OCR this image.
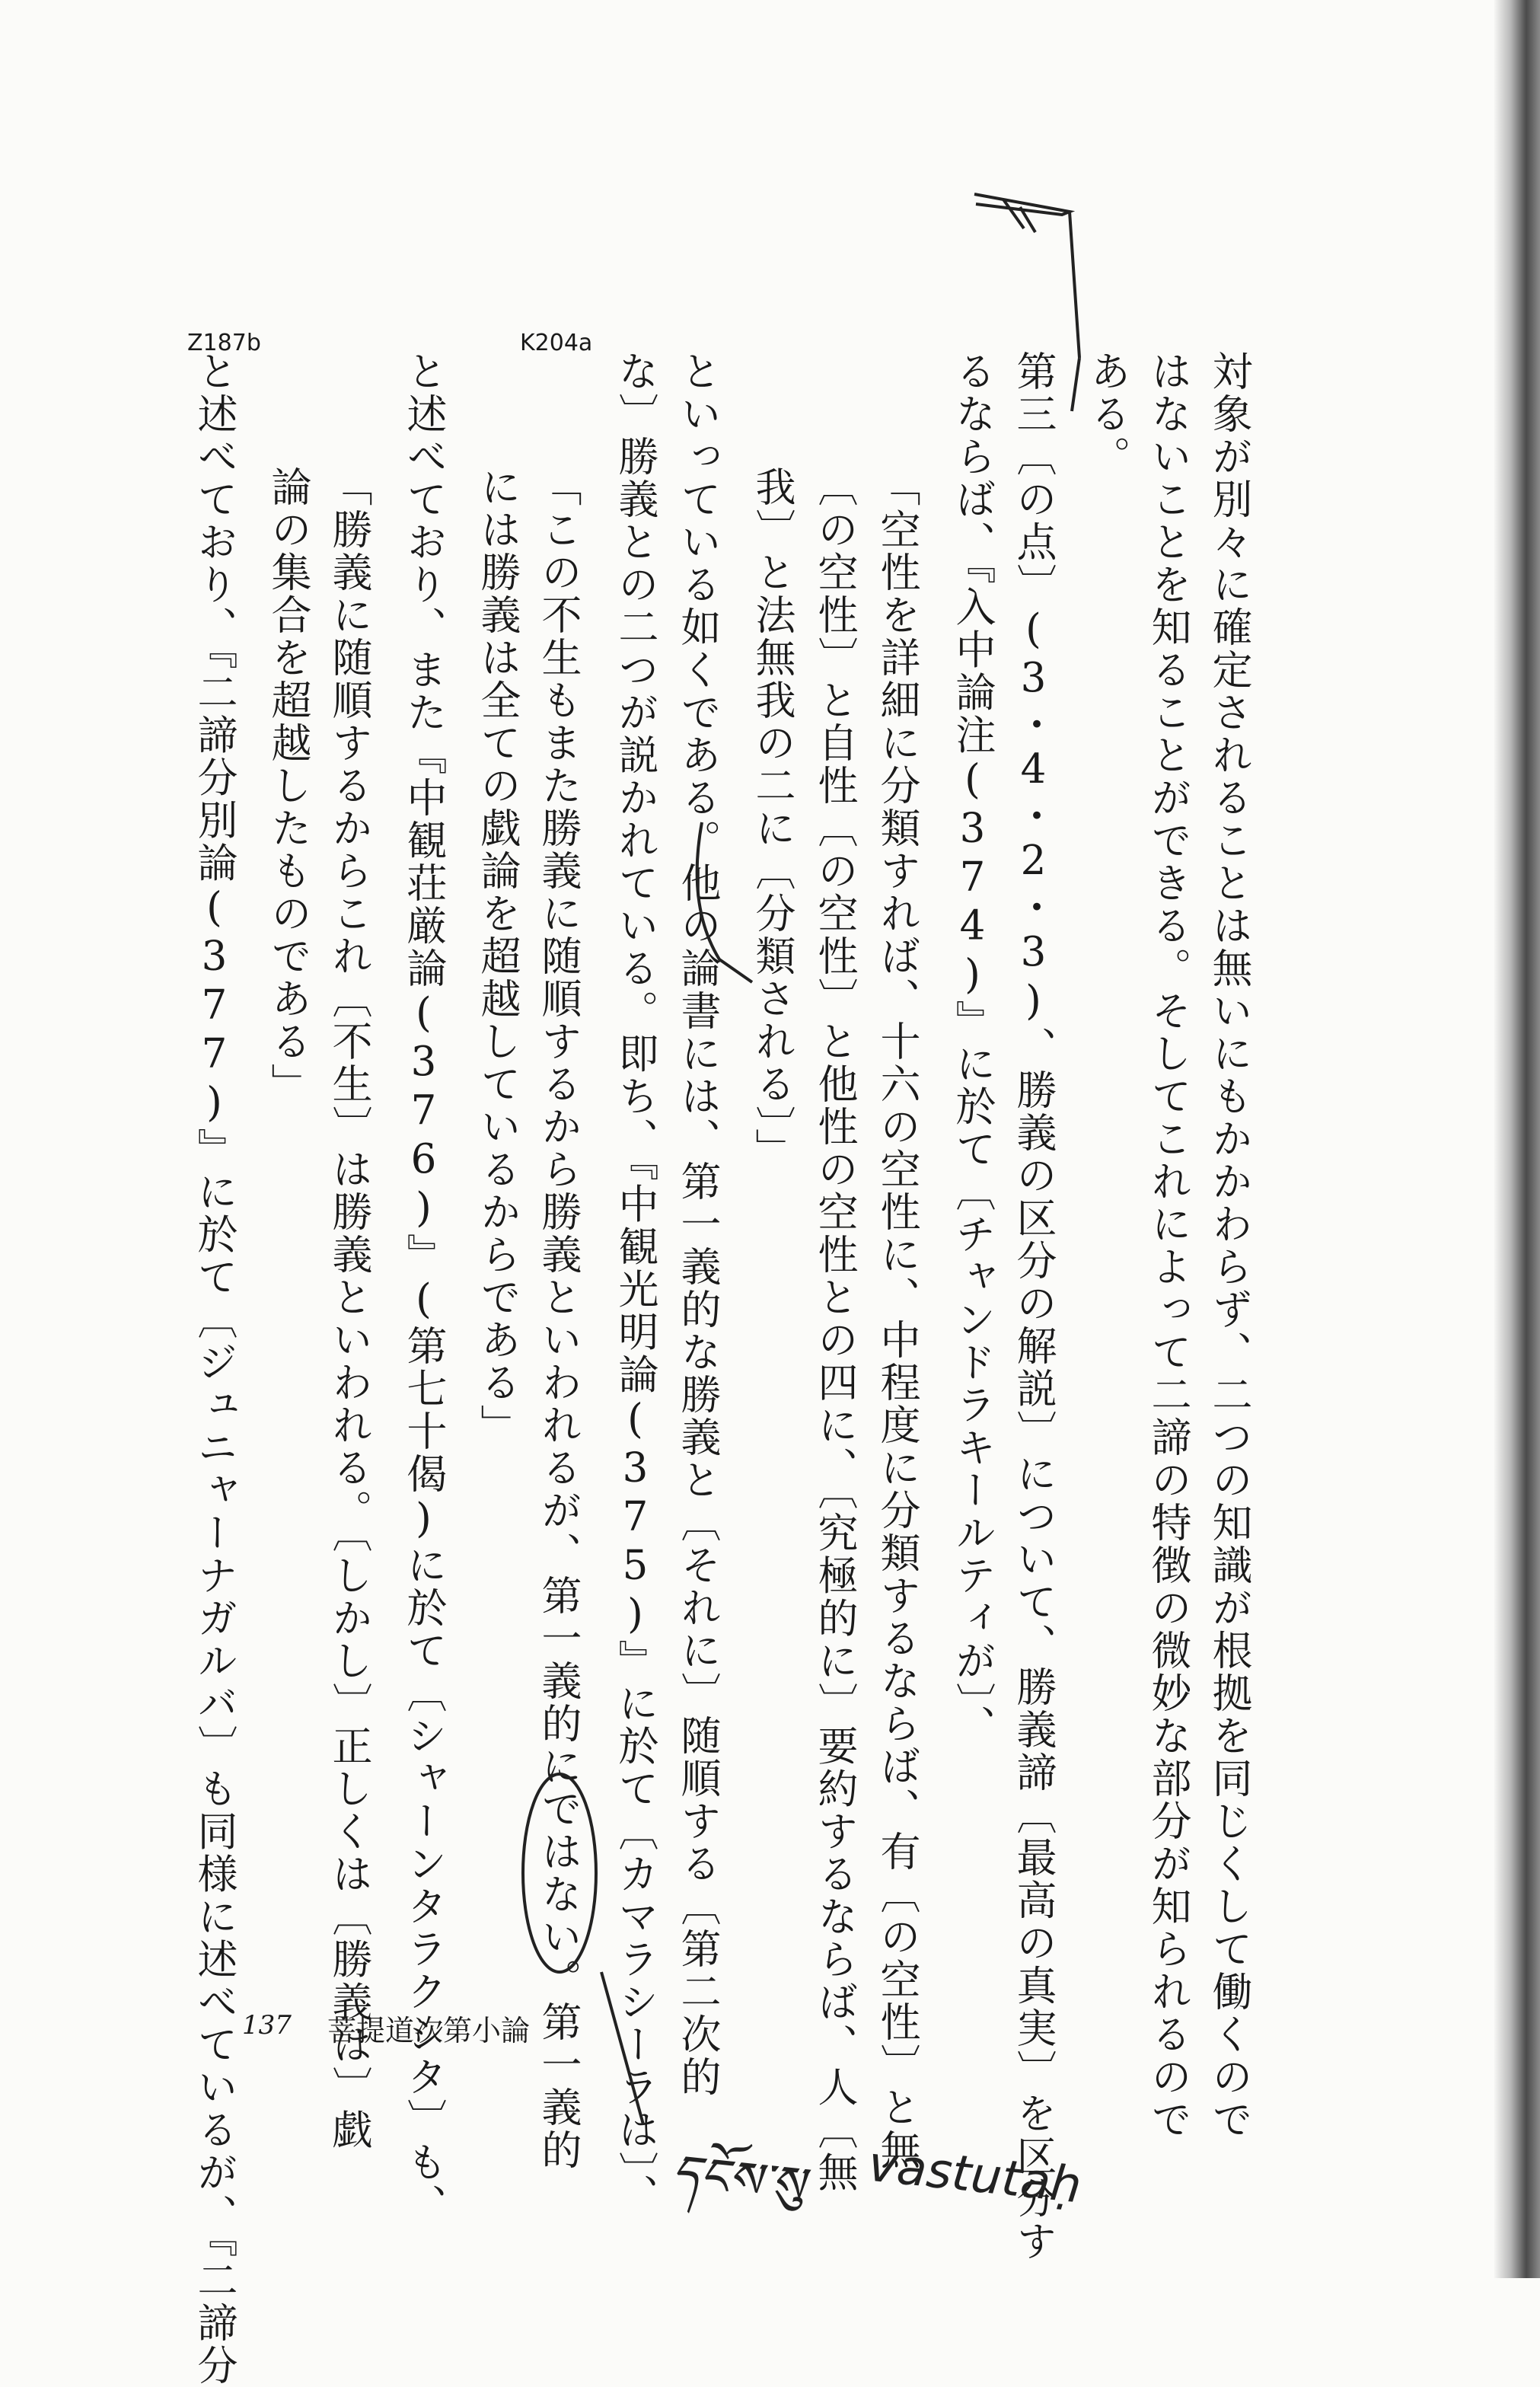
Z187b	K204a
対象が別々に確定されることは無いにもかかわらず、二つの知識が根拠を同じくして働くので
はないことを知ることができる。そしてこれによって二諦の特徴の微妙な部分が知られるので
ある。
第三〔の点〕(3・4・2・3)、勝義の区分の解説〕について、勝義諦〔最高の真実〕を区分す
るならば、『入中論注(374)』に於て〔チャンドラキールティが〕、
「空性を詳細に分類すれば、十六の空性に、中程度に分類するならば、有〔の空性〕と無
〔の空性〕と自性〔の空性〕と他性の空性との四に、〔究極的に〕要約するならば、人〔無
我〕と法無我の二に〔分類される〕」
といっている如くである。他の論書には、第一義的な勝義と〔それに〕随順する〔第二次的
な〕勝義との二つが説かれている。即ち、『中観光明論(375)』に於て〔カマラシーラは〕、
「この不生もまた勝義に随順するから勝義といわれるが、第一義的にではない。第一義的
には勝義は全ての戯論を超越しているからである」
と述べており、また『中観荘厳論(376)』(第七十偈)に於て〔シャーンタラクシタ〕も、
「勝義に随順するからこれ〔不生〕は勝義といわれる。〔しかし〕正しくは〔勝義は〕戯
論の集合を超越したものである」
と述べており、『二諦分別論(377)』に於て〔ジュニャーナガルバ〕も同様に述べているが、『二諦分 137 菩提道次第小論
དངོས་སུ vastutaḥ
